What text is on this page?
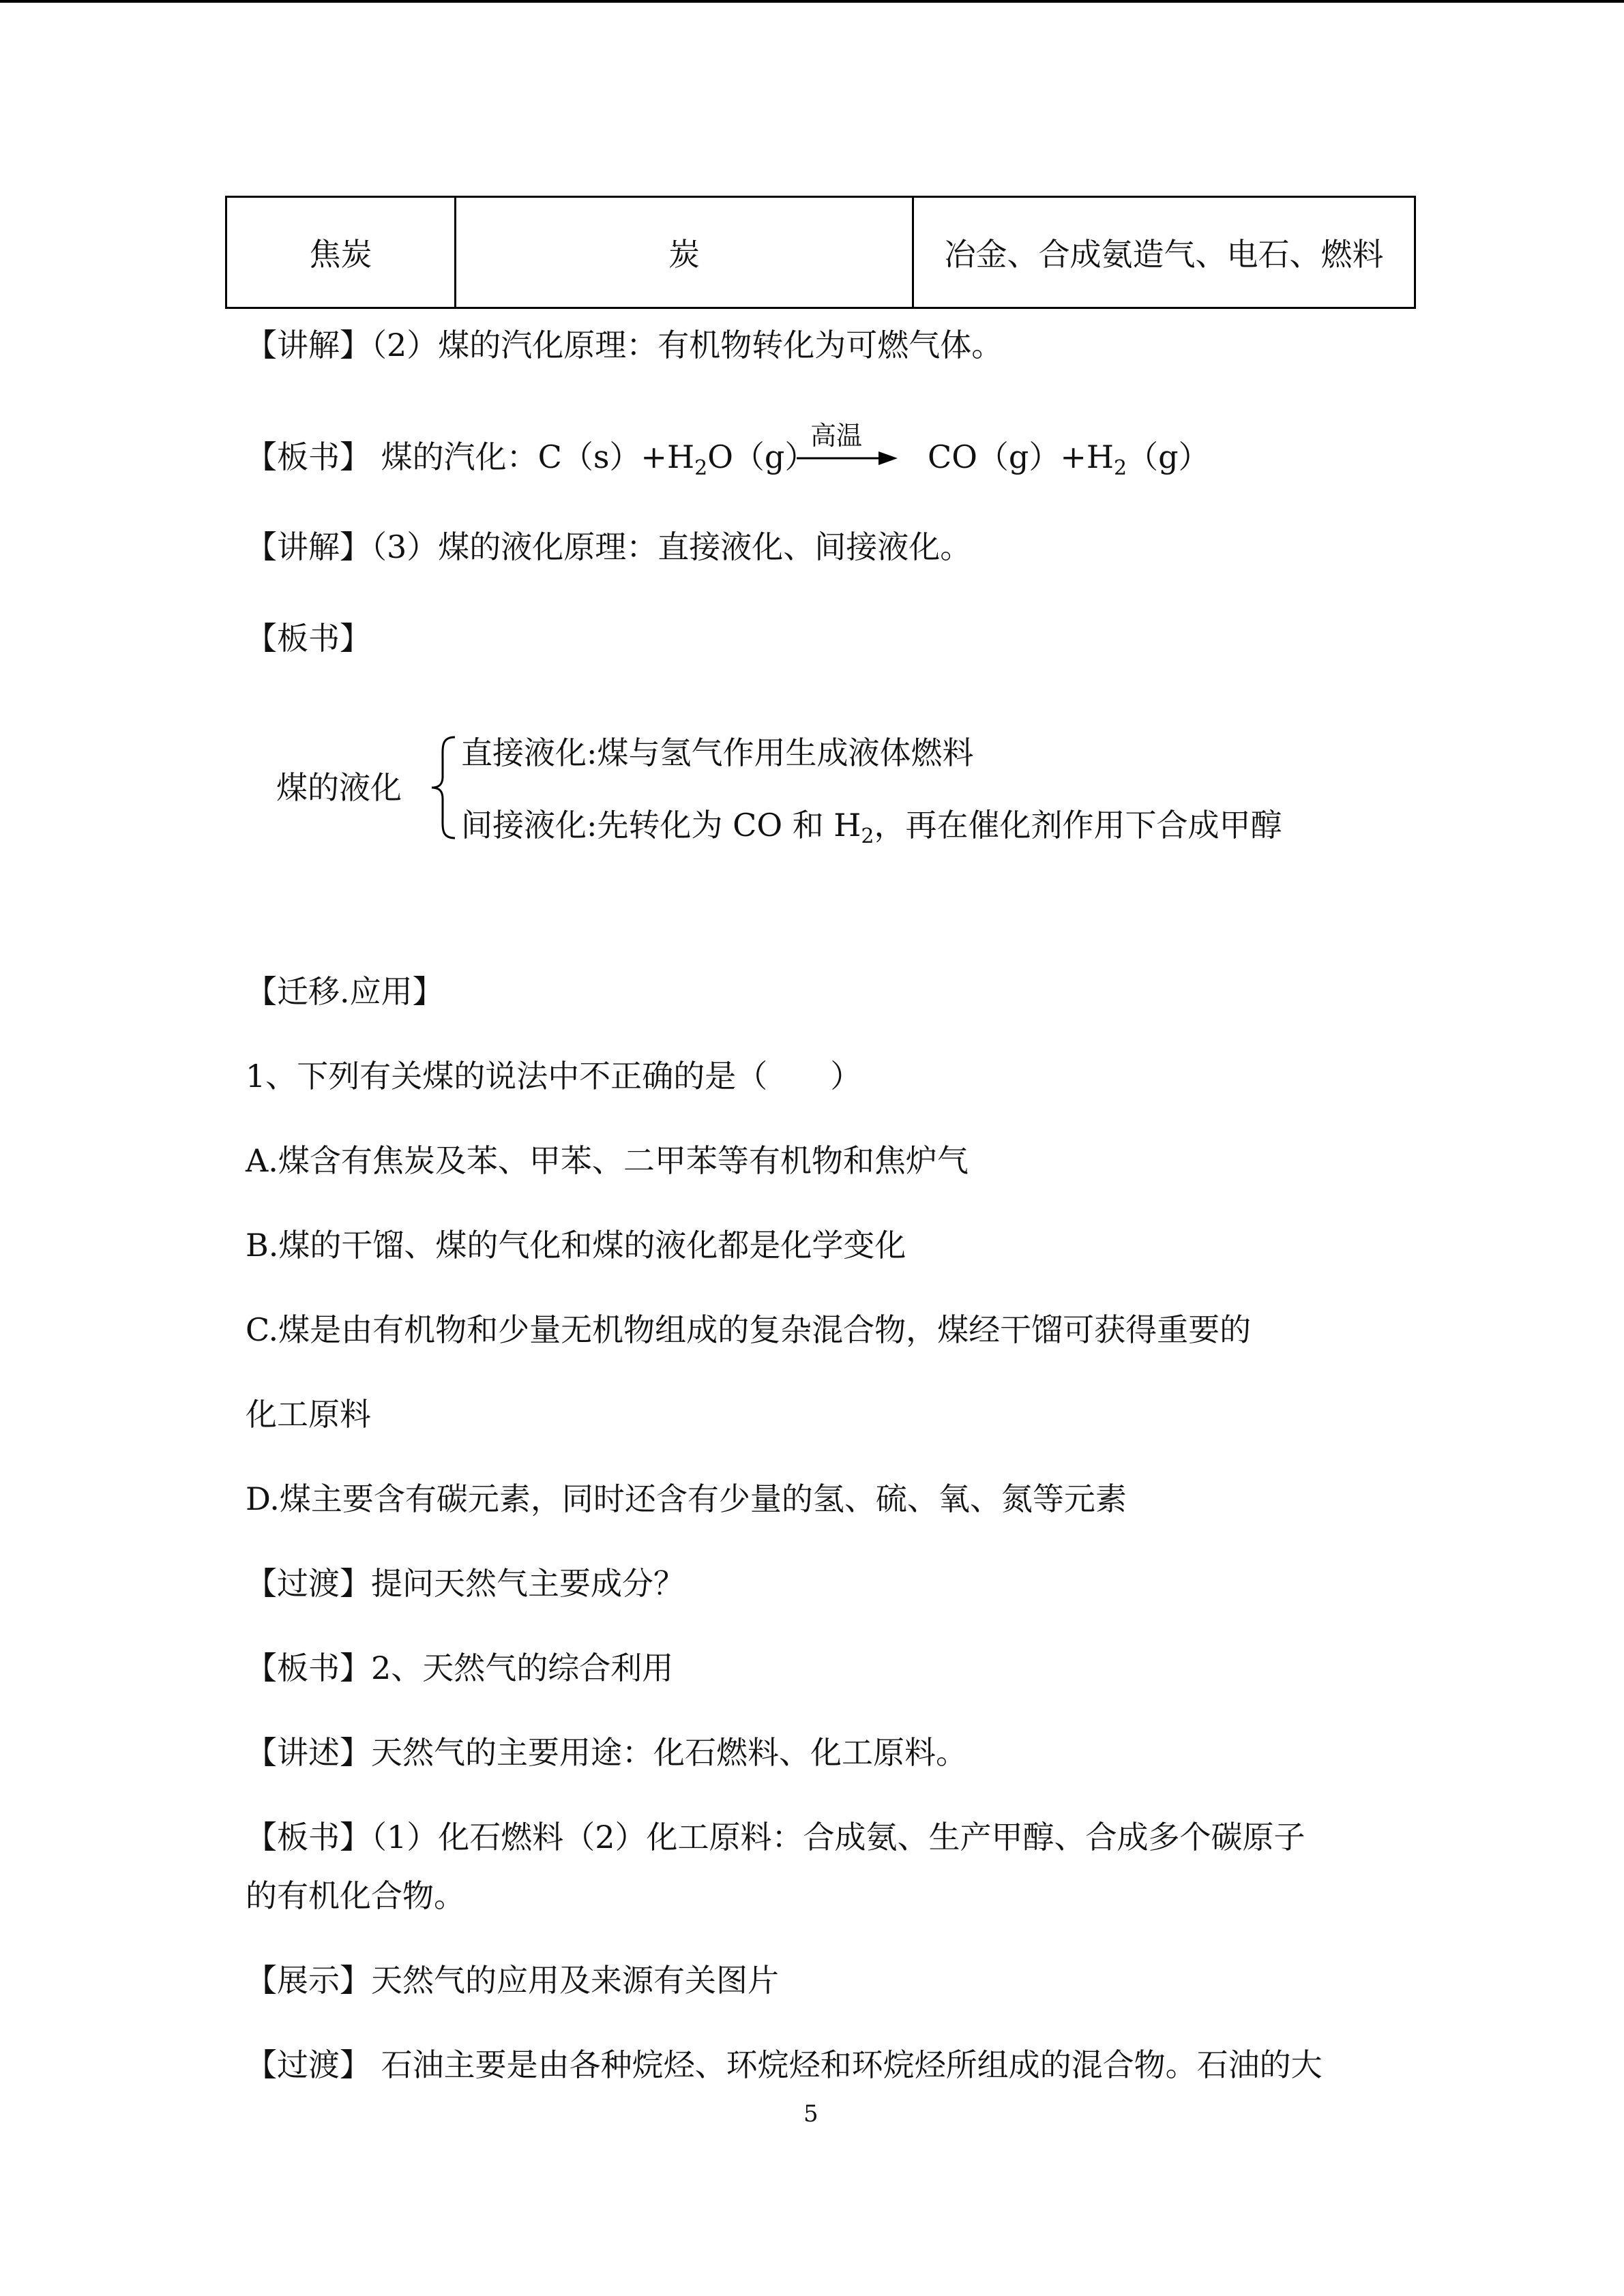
焦炭	炭	冶金、合成氨造气、电石、燃料
【讲解】（2）煤的汽化原理：有机物转化为可燃气体。
【板书】 煤的汽化：$C(s)+H_2O(g)$
高温
$CO(g)+H_2(g)$
【讲解】（3）煤的液化原理：直接液化、间接液化。
【板书】
煤的液化
直接液化:煤与氢气作用生成液体燃料
间接液化:先转化为 CO 和 $H_2$，再在催化剂作用下合成甲醇
【迁移.应用】
1、下列有关煤的说法中不正确的是（　　）
A.煤含有焦炭及苯、甲苯、二甲苯等有机物和焦炉气
B.煤的干馏、煤的气化和煤的液化都是化学变化
C.煤是由有机物和少量无机物组成的复杂混合物，煤经干馏可获得重要的
化工原料
D.煤主要含有碳元素，同时还含有少量的氢、硫、氧、氮等元素
【过渡】提问天然气主要成分？
【板书】2、天然气的综合利用
【讲述】天然气的主要用途：化石燃料、化工原料。
【板书】（1）化石燃料（2）化工原料：合成氨、生产甲醇、合成多个碳原子
的有机化合物。
【展示】天然气的应用及来源有关图片
【过渡】 石油主要是由各种烷烃、环烷烃和环烷烃所组成的混合物。石油的大
5
